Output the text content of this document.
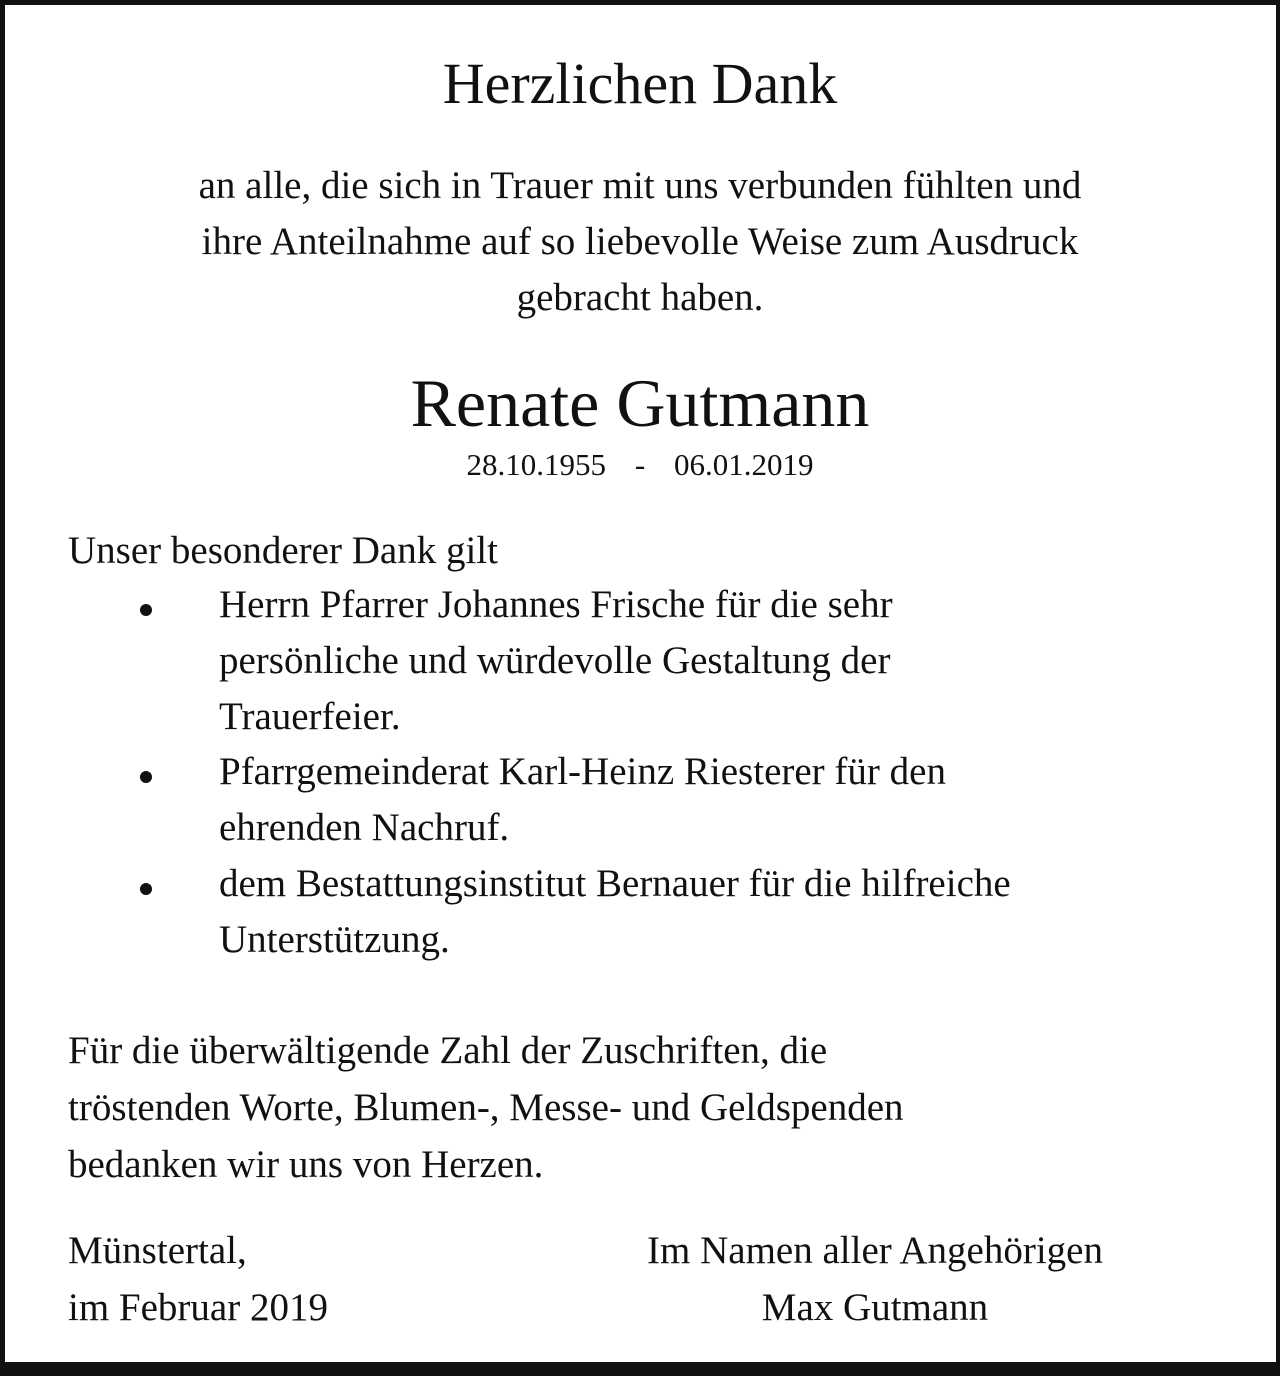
Herzlichen Dank
an alle, die sich in Trauer mit uns verbunden fühlten und
ihre Anteilnahme auf so liebevolle Weise zum Ausdruck
gebracht haben.
Renate Gutmann
28.10.1955 - 06.01.2019
Unser besonderer Dank gilt
Herrn Pfarrer Johannes Frische für die sehr
persönliche und würdevolle Gestaltung der
Trauerfeier.
Pfarrgemeinderat Karl-Heinz Riesterer für den
ehrenden Nachruf.
dem Bestattungsinstitut Bernauer für die hilfreiche
Unterstützung.
Für die überwältigende Zahl der Zuschriften, die
tröstenden Worte, Blumen-, Messe- und Geldspenden
bedanken wir uns von Herzen.
Münstertal,
im Februar 2019
Im Namen aller Angehörigen
Max Gutmann
